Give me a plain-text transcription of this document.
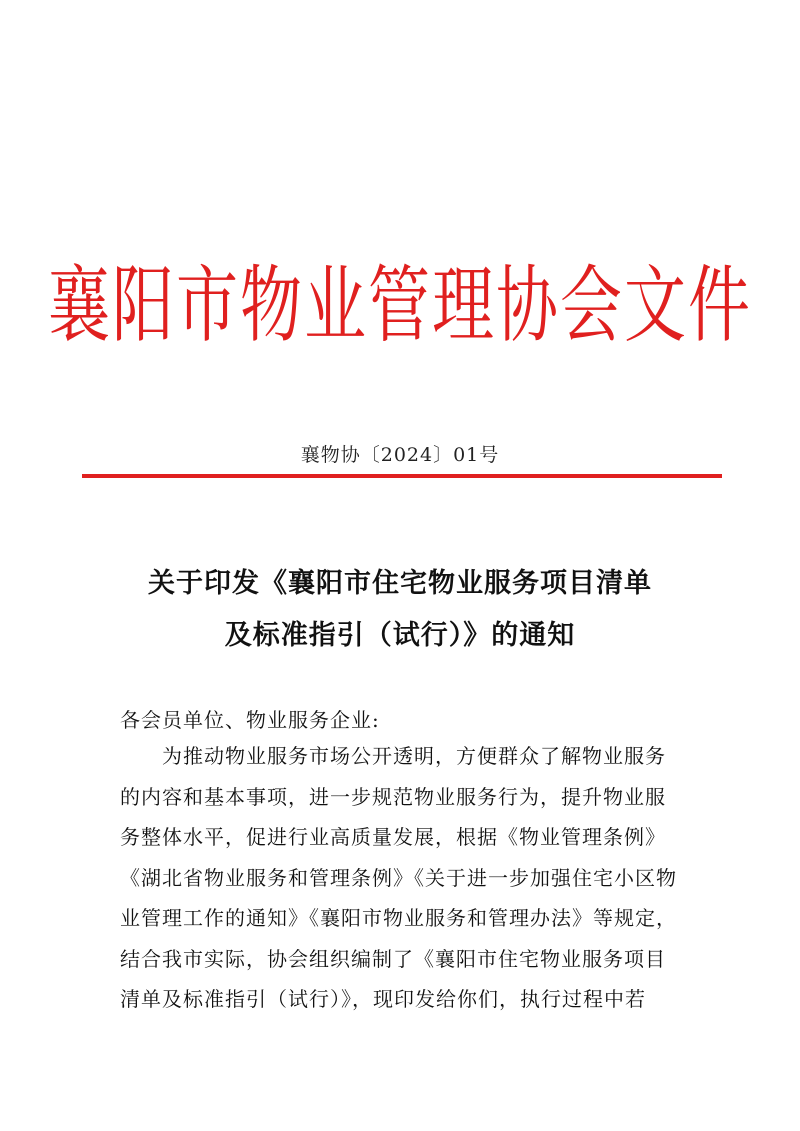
襄阳市物业管理协会文件
襄物协〔2024〕01号
关于印发《襄阳市住宅物业服务项目清单
及标准指引（试行）》的通知
各会员单位、物业服务企业:
为推动物业服务市场公开透明，方便群众了解物业服务
的内容和基本事项，进一步规范物业服务行为，提升物业服
务整体水平，促进行业高质量发展，根据《物业管理条例》
《湖北省物业服务和管理条例》《关于进一步加强住宅小区物
业管理工作的通知》《襄阳市物业服务和管理办法》等规定，
结合我市实际，协会组织编制了《襄阳市住宅物业服务项目
清单及标准指引（试行）》，现印发给你们，执行过程中若
